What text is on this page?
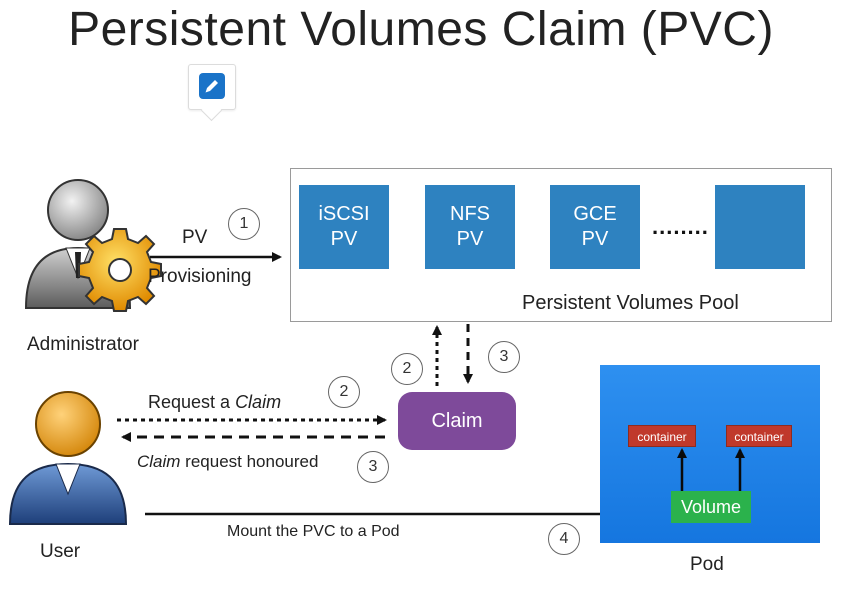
Persistent Volumes Claim (PVC)
iSCSI
PV
NFS
PV
GCE
PV	........
Persistent Volumes Pool
Administrator
User
PV
Provisioning
1
Request a Claim
2
Claim request honoured	3
2
3
Claim
Mount the PVC to a Pod	4
container	container
Volume
Pod
